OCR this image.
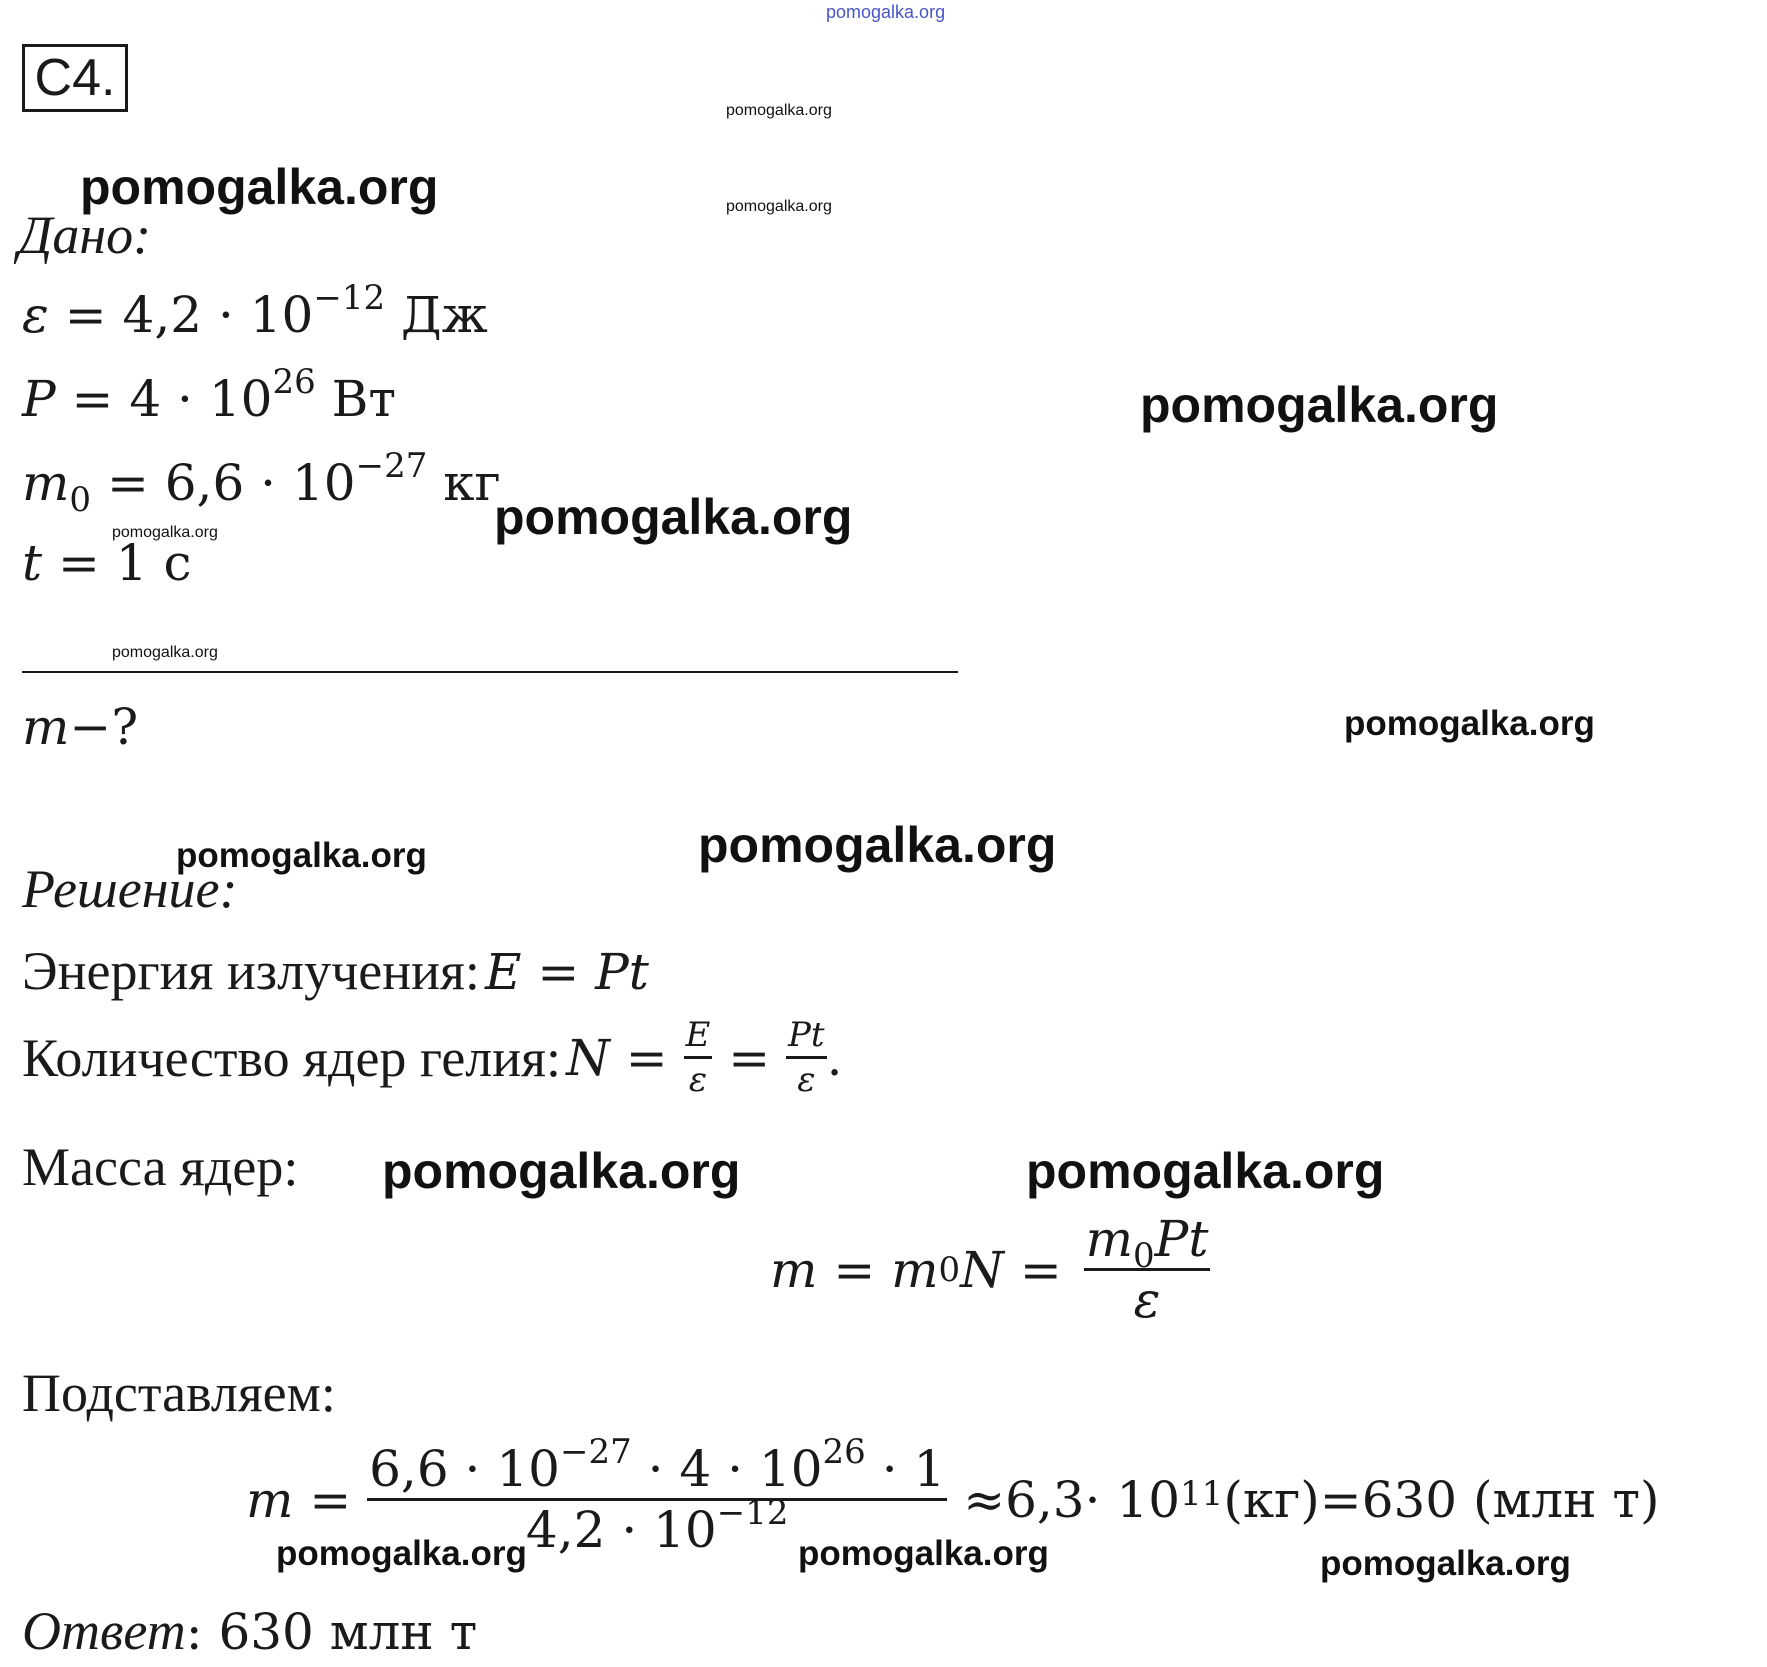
pomogalka.org
C4.
Дано:
$\varepsilon = 4,2 \cdot 10^{-12}$ Дж
$P = 4 \cdot 10^{26}$ Вт
$m_0 = 6,6 \cdot 10^{-27}$ кг
t = 1 с
m−?
Решение:
Энергия излучения: E = Pt
Количество ядер гелия:
$N = \frac{E}{\varepsilon} = \frac{Pt}{\varepsilon}$ .
Масса ядер:
m = m 0 $N = \frac{m_0Pt}{\varepsilon}$
Подставляем:
$m = \frac{6,6 \cdot 10^{-27} \cdot 4 \cdot 10^{26} \cdot 1}{4,2 \cdot 10^{-12}} \approx 6,3 \cdot 10^{11}$ (кг) = 630 (млн т)
Ответ: 630 млн т
pomogalka.org
pomogalka.org	pomogalka.org
pomogalka.org
pomogalka.org
pomogalka.org
pomogalka.org
pomogalka.org
pomogalka.org
pomogalka.org
pomogalka.org	pomogalka.org
pomogalka.org	pomogalka.org	pomogalka.org
